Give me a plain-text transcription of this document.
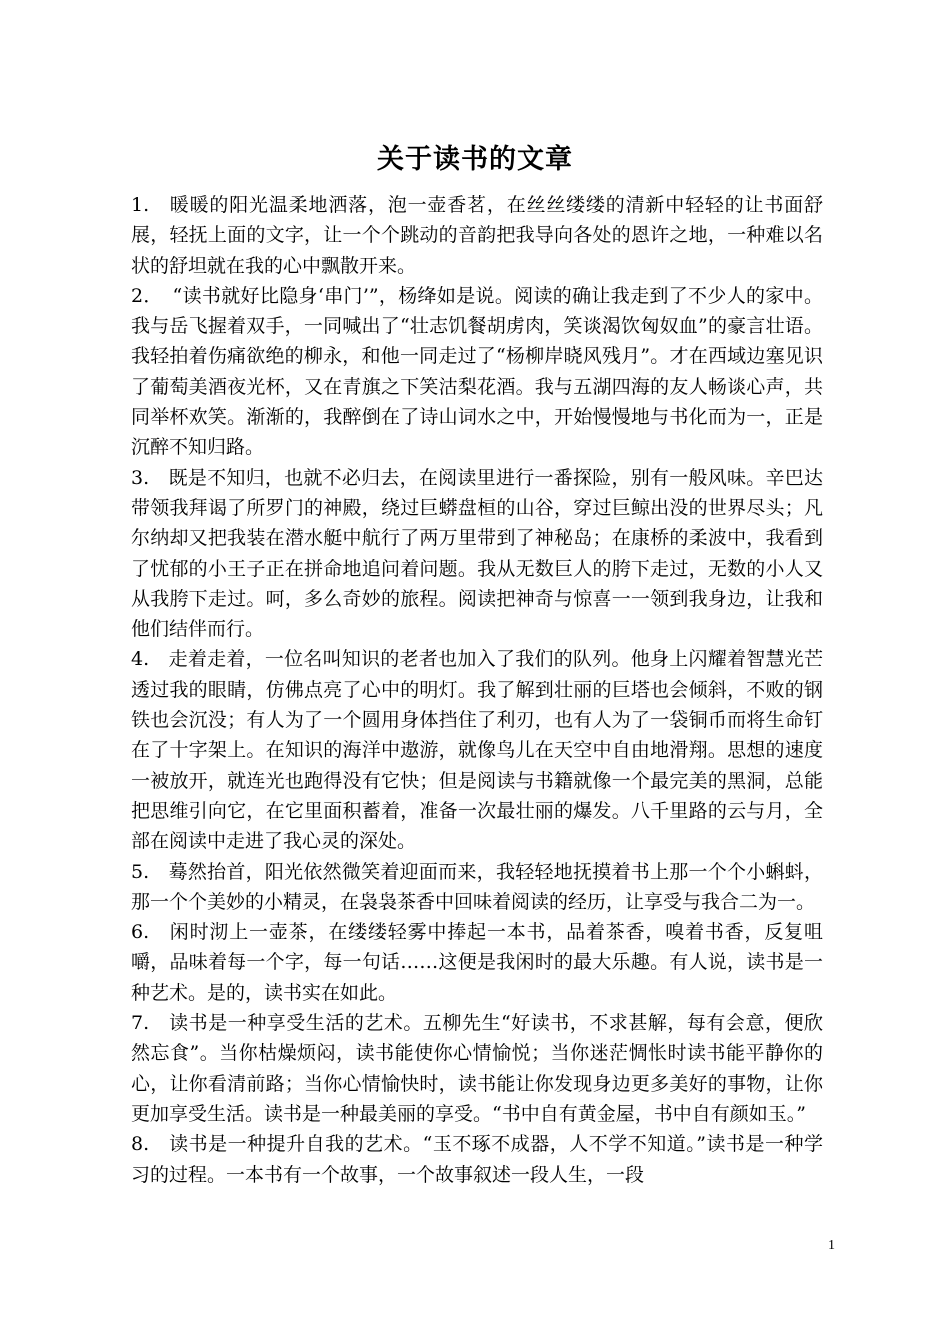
关于读书的文章

1.　暖暖的阳光温柔地洒落，泡一壶香茗，在丝丝缕缕的清新中轻轻的让书面舒展，轻抚上面的文字，让一个个跳动的音韵把我导向各处的恩许之地，一种难以名状的舒坦就在我的心中飘散开来。

2．　“读书就好比隐身‘串门’”，杨绛如是说。阅读的确让我走到了不少人的家中。我与岳飞握着双手，一同喊出了“壮志饥餐胡虏肉，笑谈渴饮匈奴血”的豪言壮语。我轻拍着伤痛欲绝的柳永，和他一同走过了“杨柳岸晓风残月”。才在西域边塞见识了葡萄美酒夜光杯，又在青旗之下笑沽梨花酒。我与五湖四海的友人畅谈心声，共同举杯欢笑。渐渐的，我醉倒在了诗山词水之中，开始慢慢地与书化而为一，正是沉醉不知归路。

3.　既是不知归，也就不必归去，在阅读里进行一番探险，别有一般风味。辛巴达带领我拜谒了所罗门的神殿，绕过巨蟒盘桓的山谷，穿过巨鲸出没的世界尽头；凡尔纳却又把我装在潜水艇中航行了两万里带到了神秘岛；在康桥的柔波中，我看到了忧郁的小王子正在拼命地追问着问题。我从无数巨人的胯下走过，无数的小人又从我胯下走过。呵，多么奇妙的旅程。阅读把神奇与惊喜一一领到我身边，让我和他们结伴而行。

4.　走着走着，一位名叫知识的老者也加入了我们的队列。他身上闪耀着智慧光芒透过我的眼睛，仿佛点亮了心中的明灯。我了解到壮丽的巨塔也会倾斜，不败的钢铁也会沉没；有人为了一个圆用身体挡住了利刃，也有人为了一袋铜币而将生命钉在了十字架上。在知识的海洋中遨游，就像鸟儿在天空中自由地滑翔。思想的速度一被放开，就连光也跑得没有它快；但是阅读与书籍就像一个最完美的黑洞，总能把思维引向它，在它里面积蓄着，准备一次最壮丽的爆发。八千里路的云与月，全部在阅读中走进了我心灵的深处。

5.　蓦然抬首，阳光依然微笑着迎面而来，我轻轻地抚摸着书上那一个个小蝌蚪，那一个个美妙的小精灵，在袅袅茶香中回味着阅读的经历，让享受与我合二为一。

6.　闲时沏上一壶茶，在缕缕轻雾中捧起一本书，品着茶香，嗅着书香，反复咀嚼，品味着每一个字，每一句话……这便是我闲时的最大乐趣。有人说，读书是一种艺术。是的，读书实在如此。

7.　读书是一种享受生活的艺术。五柳先生“好读书，不求甚解，每有会意，便欣然忘食”。当你枯燥烦闷，读书能使你心情愉悦；当你迷茫惆怅时读书能平静你的心，让你看清前路；当你心情愉快时，读书能让你发现身边更多美好的事物，让你更加享受生活。读书是一种最美丽的享受。“书中自有黄金屋，书中自有颜如玉。”

8.　读书是一种提升自我的艺术。“玉不琢不成器，人不学不知道。”读书是一种学习的过程。一本书有一个故事，一个故事叙述一段人生，一段

1
